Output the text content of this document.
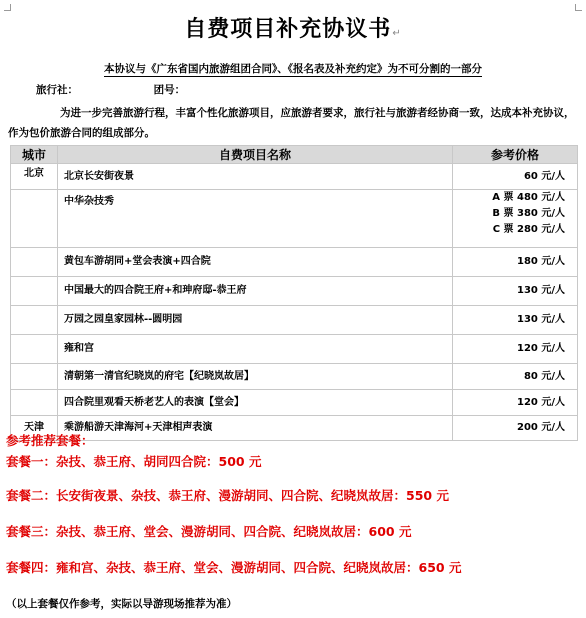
自费项目补充协议书↵
本协议与《广东省国内旅游组团合同》、《报名表及补充约定》为不可分割的一部分
旅行社：	团号：
为进一步完善旅游行程，丰富个性化旅游项目，应旅游者要求，旅行社与旅游者经协商一致，达成本补充协议，作为包价旅游合同的组成部分。
城市	自费项目名称	参考价格
北京	北京长安街夜景	60 元/人
	中华杂技秀	A 票 480 元/人
B 票 380 元/人
C 票 280 元/人

	黄包车游胡同+堂会表演+四合院	180 元/人
	中国最大的四合院王府+和珅府邸-恭王府	130 元/人
	万园之园皇家园林--圆明园	130 元/人
	雍和宫	120 元/人
	清朝第一清官纪晓岚的府宅【纪晓岚故居】	80 元/人
	四合院里观看天桥老艺人的表演【堂会】	120 元/人
天津	乘游船游天津海河+天津相声表演	200 元/人
参考推荐套餐：
套餐一：杂技、恭王府、胡同四合院：500 元
套餐二：长安街夜景、杂技、恭王府、漫游胡同、四合院、纪晓岚故居：550 元
套餐三：杂技、恭王府、堂会、漫游胡同、四合院、纪晓岚故居：600 元
套餐四：雍和宫、杂技、恭王府、堂会、漫游胡同、四合院、纪晓岚故居：650 元
（以上套餐仅作参考，实际以导游现场推荐为准）
